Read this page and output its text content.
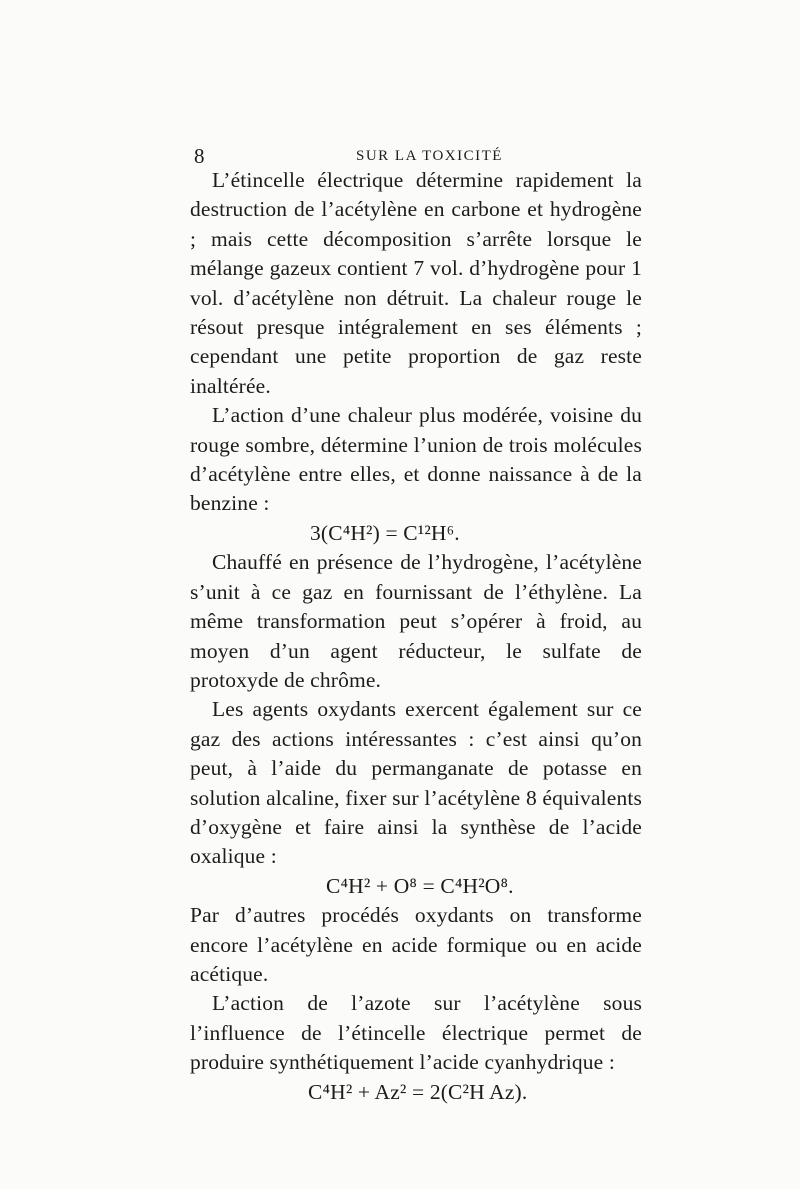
8	SUR LA TOXICITÉ

L’étincelle électrique détermine rapidement la destruction de l’acétylène en carbone et hydrogène ; mais cette décomposition s’arrête lorsque le mélange gazeux contient 7 vol. d’hydrogène pour 1 vol. d’acétylène non détruit. La chaleur rouge le résout presque intégralement en ses éléments ; cependant une petite proportion de gaz reste inaltérée.

L’action d’une chaleur plus modérée, voisine du rouge sombre, détermine l’union de trois molécules d’acétylène entre elles, et donne naissance à de la benzine :

3(C⁴H²) = C¹²H⁶.

Chauffé en présence de l’hydrogène, l’acétylène s’unit à ce gaz en fournissant de l’éthylène. La même transformation peut s’opérer à froid, au moyen d’un agent réducteur, le sulfate de protoxyde de chrôme.

Les agents oxydants exercent également sur ce gaz des actions intéressantes : c’est ainsi qu’on peut, à l’aide du permanganate de potasse en solution alcaline, fixer sur l’acétylène 8 équivalents d’oxygène et faire ainsi la synthèse de l’acide oxalique :

C⁴H² + O⁸ = C⁴H²O⁸.

Par d’autres procédés oxydants on transforme encore l’acétylène en acide formique ou en acide acétique.

L’action de l’azote sur l’acétylène sous l’influence de l’étincelle électrique permet de produire synthétiquement l’acide cyanhydrique :

C⁴H² + Az² = 2(C²H Az).
